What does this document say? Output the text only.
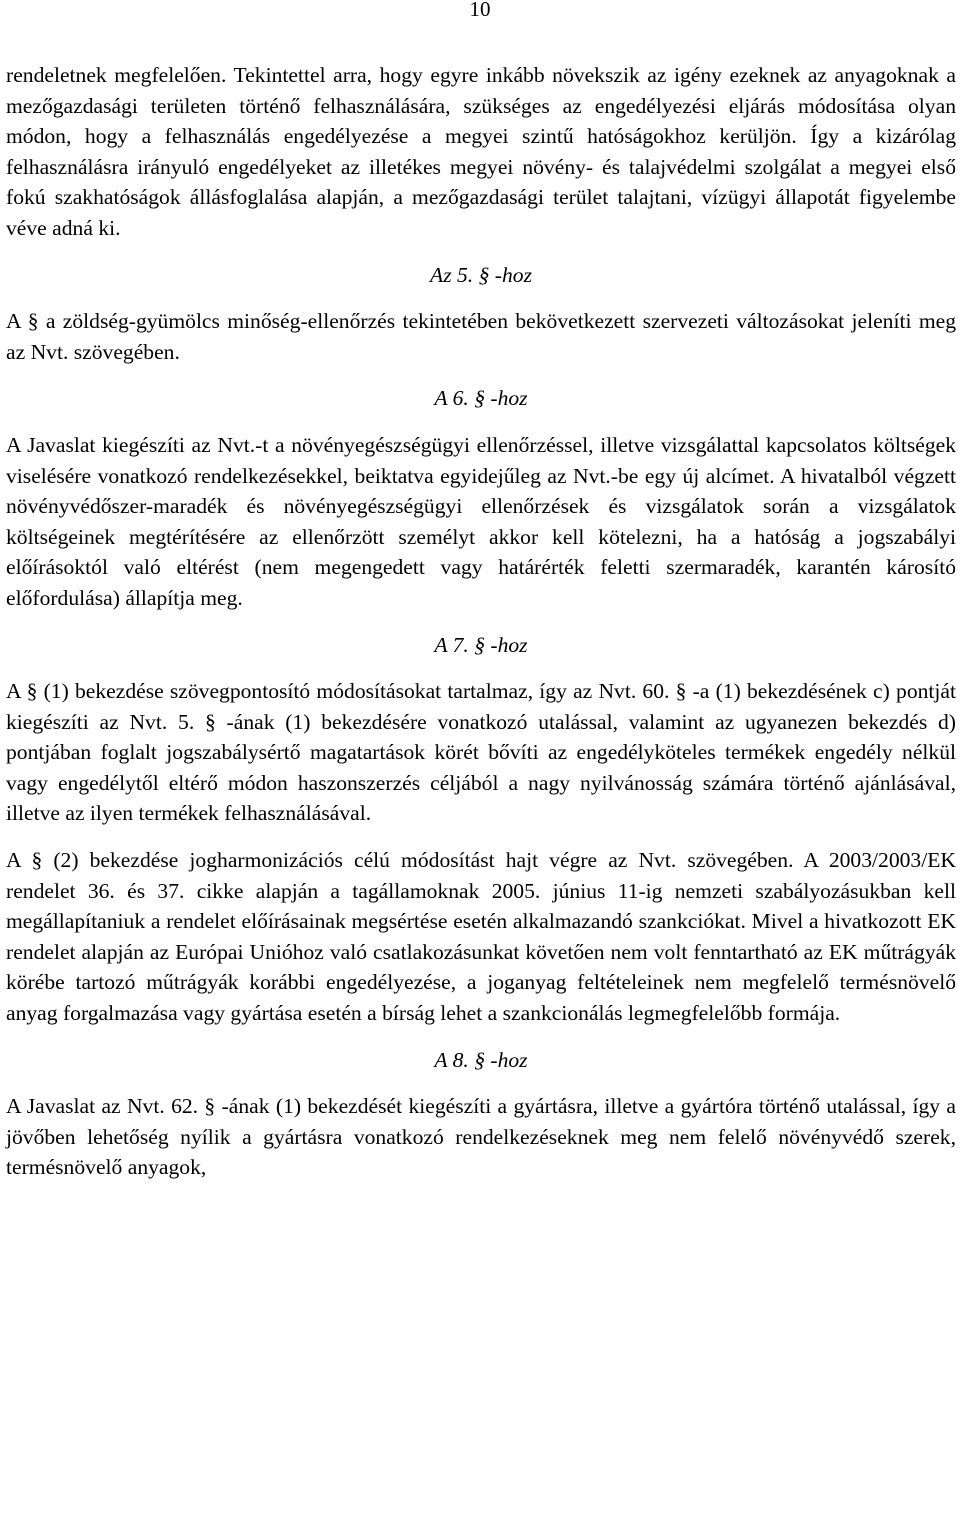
10

rendeletnek megfelelően. Tekintettel arra, hogy egyre inkább növekszik az igény ezeknek az anyagoknak a mezőgazdasági területen történő felhasználására, szükséges az engedélyezési eljárás módosítása olyan módon, hogy a felhasználás engedélyezése a megyei szintű hatóságokhoz kerüljön. Így a kizárólag felhasználásra irányuló engedélyeket az illetékes megyei növény- és talajvédelmi szolgálat a megyei első fokú szakhatóságok állásfoglalása alapján, a mezőgazdasági terület talajtani, vízügyi állapotát figyelembe véve adná ki.

Az 5. § -hoz

A § a zöldség-gyümölcs minőség-ellenőrzés tekintetében bekövetkezett szervezeti változásokat jeleníti meg az Nvt. szövegében.

A 6. § -hoz

A Javaslat kiegészíti az Nvt.-t a növényegészségügyi ellenőrzéssel, illetve vizsgálattal kapcsolatos költségek viselésére vonatkozó rendelkezésekkel, beiktatva egyidejűleg az Nvt.-be egy új alcímet. A hivatalból végzett növényvédőszer-maradék és növényegészségügyi ellenőrzések és vizsgálatok során a vizsgálatok költségeinek megtérítésére az ellenőrzött személyt akkor kell kötelezni, ha a hatóság a jogszabályi előírásoktól való eltérést (nem megengedett vagy határérték feletti szermaradék, karantén károsító előfordulása) állapítja meg.

A 7. § -hoz

A § (1) bekezdése szövegpontosító módosításokat tartalmaz, így az Nvt. 60. § -a (1) bekezdésének c) pontját kiegészíti az Nvt. 5. § -ának (1) bekezdésére vonatkozó utalással, valamint az ugyanezen bekezdés d) pontjában foglalt jogszabálysértő magatartások körét bővíti az engedélyköteles termékek engedély nélkül vagy engedélytől eltérő módon haszonszerzés céljából a nagy nyilvánosság számára történő ajánlásával, illetve az ilyen termékek felhasználásával.

A § (2) bekezdése jogharmonizációs célú módosítást hajt végre az Nvt. szövegében. A 2003/2003/EK rendelet 36. és 37. cikke alapján a tagállamoknak 2005. június 11-ig nemzeti szabályozásukban kell megállapítaniuk a rendelet előírásainak megsértése esetén alkalmazandó szankciókat. Mivel a hivatkozott EK rendelet alapján az Európai Unióhoz való csatlakozásunkat követően nem volt fenntartható az EK műtrágyák körébe tartozó műtrágyák korábbi engedélyezése, a joganyag feltételeinek nem megfelelő termésnövelő anyag forgalmazása vagy gyártása esetén a bírság lehet a szankcionálás legmegfelelőbb formája.

A 8. § -hoz

A Javaslat az Nvt. 62. § -ának (1) bekezdését kiegészíti a gyártásra, illetve a gyártóra történő utalással, így a jövőben lehetőség nyílik a gyártásra vonatkozó rendelkezéseknek meg nem felelő növényvédő szerek, termésnövelő anyagok,
